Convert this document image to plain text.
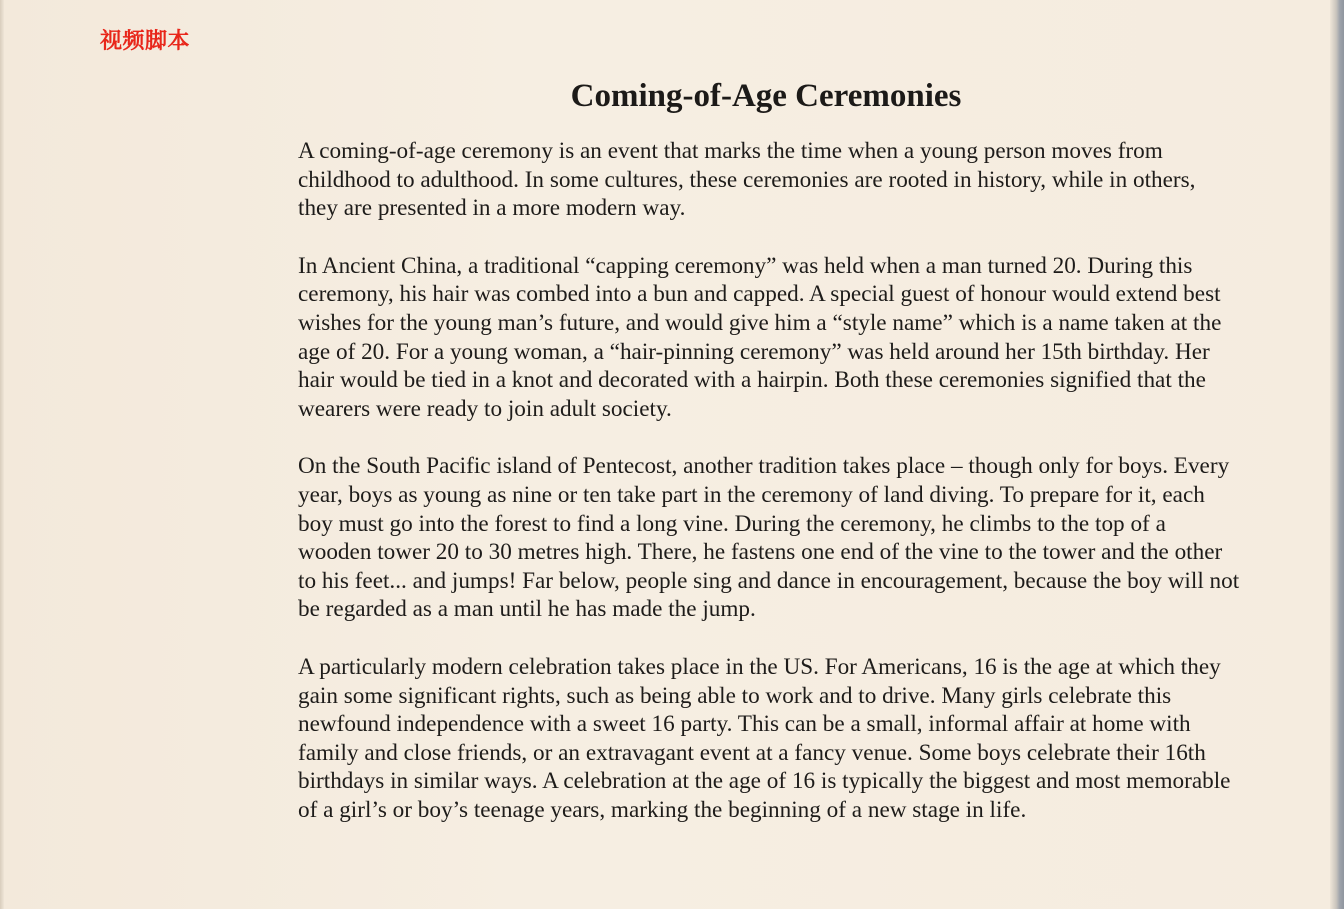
视频脚本
Coming-of-Age Ceremonies

A coming-of-age ceremony is an event that marks the time when a young person moves from childhood to adulthood. In some cultures, these ceremonies are rooted in history, while in others, they are presented in a more modern way.

In Ancient China, a traditional “capping ceremony” was held when a man turned 20. During this ceremony, his hair was combed into a bun and capped. A special guest of honour would extend best wishes for the young man’s future, and would give him a “style name” which is a name taken at the age of 20. For a young woman, a “hair-pinning ceremony” was held around her 15th birthday. Her hair would be tied in a knot and decorated with a hairpin. Both these ceremonies signified that the wearers were ready to join adult society.

On the South Pacific island of Pentecost, another tradition takes place – though only for boys. Every year, boys as young as nine or ten take part in the ceremony of land diving. To prepare for it, each boy must go into the forest to find a long vine. During the ceremony, he climbs to the top of a wooden tower 20 to 30 metres high. There, he fastens one end of the vine to the tower and the other to his feet... and jumps! Far below, people sing and dance in encouragement, because the boy will not be regarded as a man until he has made the jump.

A particularly modern celebration takes place in the US. For Americans, 16 is the age at which they gain some significant rights, such as being able to work and to drive. Many girls celebrate this newfound independence with a sweet 16 party. This can be a small, informal affair at home with family and close friends, or an extravagant event at a fancy venue. Some boys celebrate their 16th birthdays in similar ways. A celebration at the age of 16 is typically the biggest and most memorable of a girl’s or boy’s teenage years, marking the beginning of a new stage in life.
